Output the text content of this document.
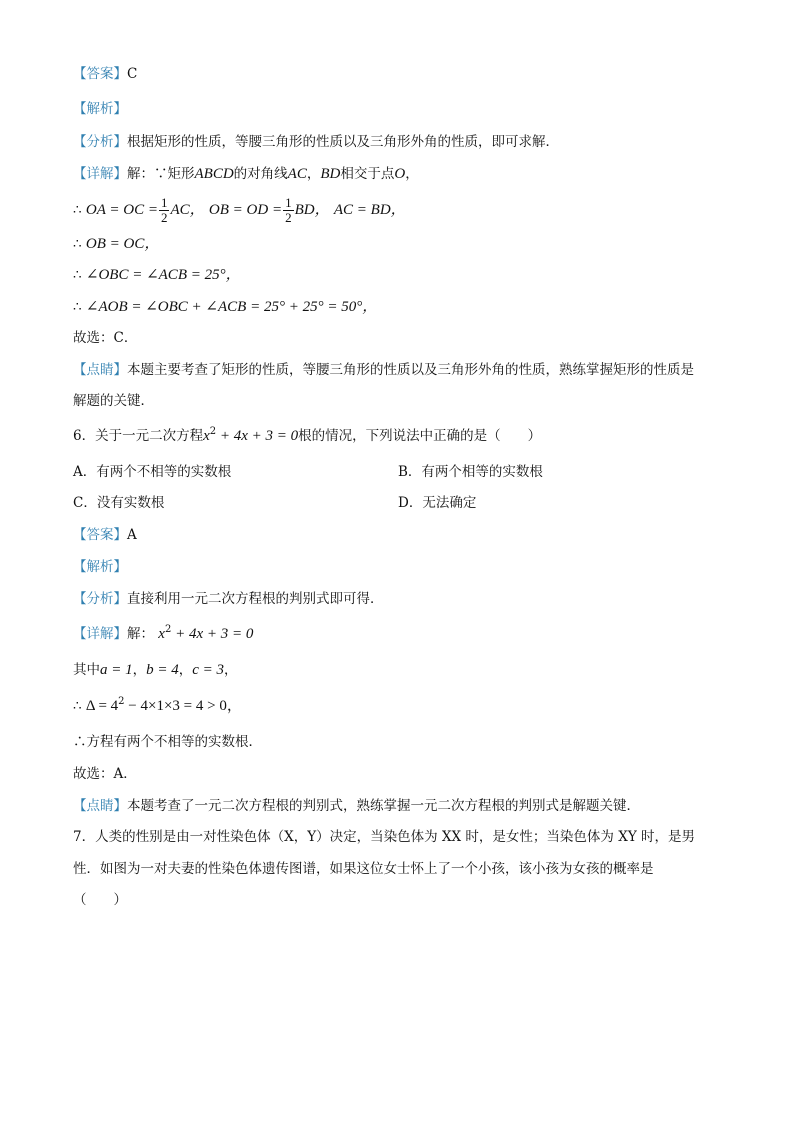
【答案】C
【解析】
【分析】根据矩形的性质，等腰三角形的性质以及三角形外角的性质，即可求解．
【详解】解：∵矩形ABCD的对角线AC，BD相交于点O，
∴ OA = OC = $\frac{1}{2}$ AC， OB = OD = $\frac{1}{2}$ BD， AC = BD，
∴ OB = OC，
∴ ∠OBC = ∠ACB = 25°，
∴ ∠AOB = ∠OBC + ∠ACB = 25° + 25° = 50°，
故选：C．
【点睛】本题主要考查了矩形的性质，等腰三角形的性质以及三角形外角的性质，熟练掌握矩形的性质是
解题的关键．
6．关于一元二次方程$x^2 + 4x + 3 = 0$根的情况，下列说法中正确的是（　　）
A．有两个不相等的实数根	B．有两个相等的实数根
C．没有实数根	D．无法确定
【答案】A
【解析】
【分析】直接利用一元二次方程根的判别式即可得．
【详解】解： $x^2 + 4x + 3 = 0$
其中a = 1，b = 4，c = 3，
∴ $\Delta = 4^2 - 4\times 1\times 3 = 4 > 0$，
∴方程有两个不相等的实数根．
故选：A．
【点睛】本题考查了一元二次方程根的判别式，熟练掌握一元二次方程根的判别式是解题关键．
7．人类的性别是由一对性染色体（X，Y）决定，当染色体为 XX 时，是女性；当染色体为 XY 时，是男
性．如图为一对夫妻的性染色体遗传图谱，如果这位女士怀上了一个小孩，该小孩为女孩的概率是
（　　）
